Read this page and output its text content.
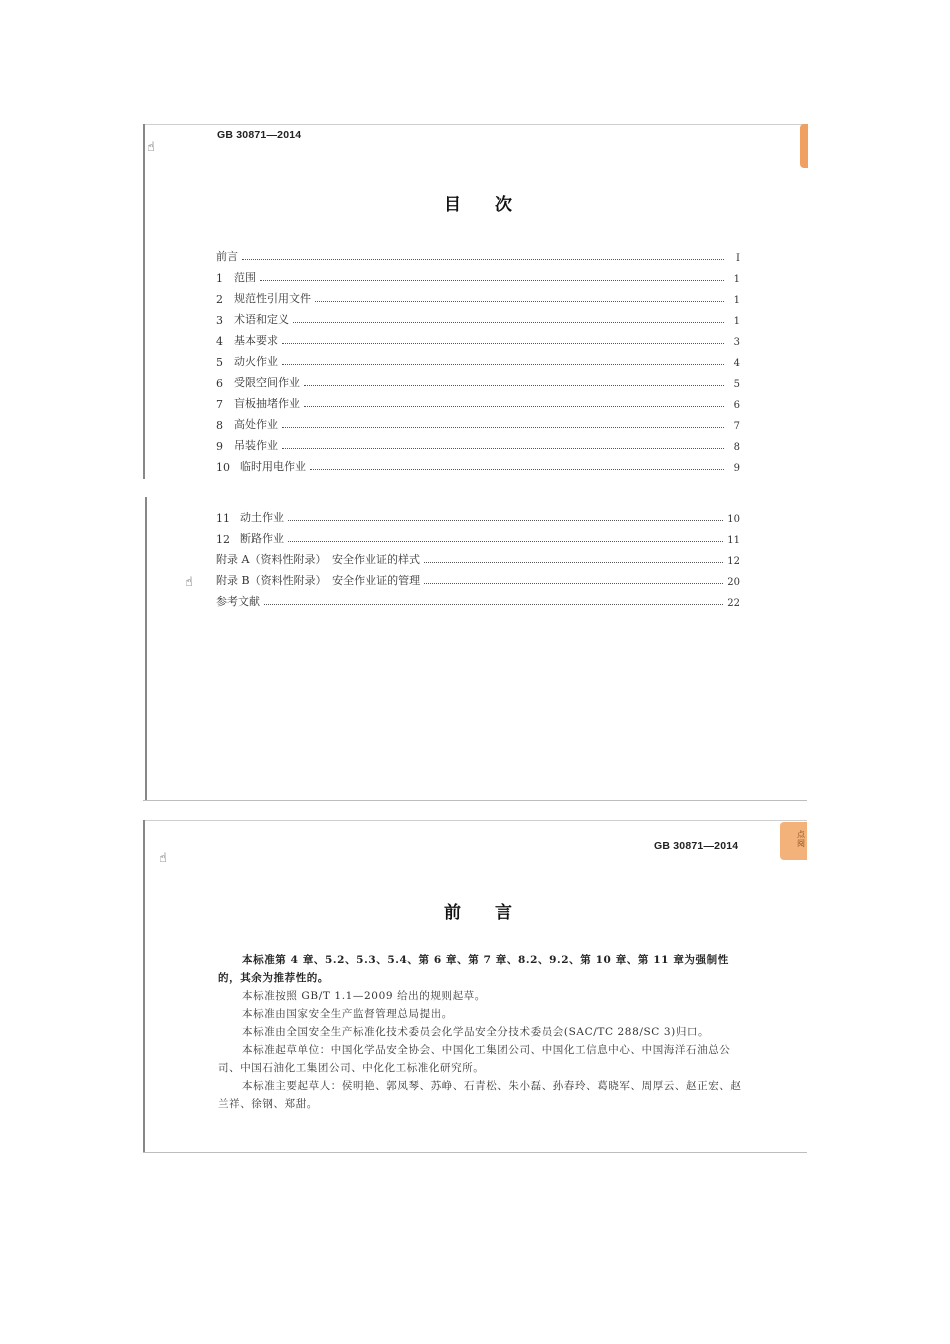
☝
☝
GB 30871—2014
目　　次
前言	Ⅰ
1	范围	1
2	规范性引用文件	1
3	术语和定义	1
4	基本要求	3
5	动火作业	4
6	受限空间作业	5
7	盲板抽堵作业	6
8	高处作业	7
9	吊装作业	8
10 临时用电作业	9
11 动土作业	10
12 断路作业	11
附录 A（资料性附录）　安全作业证的样式	12
附录 B（资料性附录）　安全作业证的管理	20
参考文献	22
点
阅
☝
GB 30871—2014
前　　言
本标准第 4 章、5.2、5.3、5.4、第 6 章、第 7 章、8.2、9.2、第 10 章、第 11 章为强制性的，其余为推荐性的。
本标准按照 GB/T 1.1—2009 给出的规则起草。
本标准由国家安全生产监督管理总局提出。
本标准由全国安全生产标准化技术委员会化学品安全分技术委员会(SAC/TC 288/SC 3)归口。
本标准起草单位：中国化学品安全协会、中国化工集团公司、中国化工信息中心、中国海洋石油总公司、中国石油化工集团公司、中化化工标准化研究所。
本标准主要起草人：侯明艳、郭凤琴、苏峥、石青松、朱小磊、孙春玲、葛晓军、周厚云、赵正宏、赵兰祥、徐钢、郑甜。
